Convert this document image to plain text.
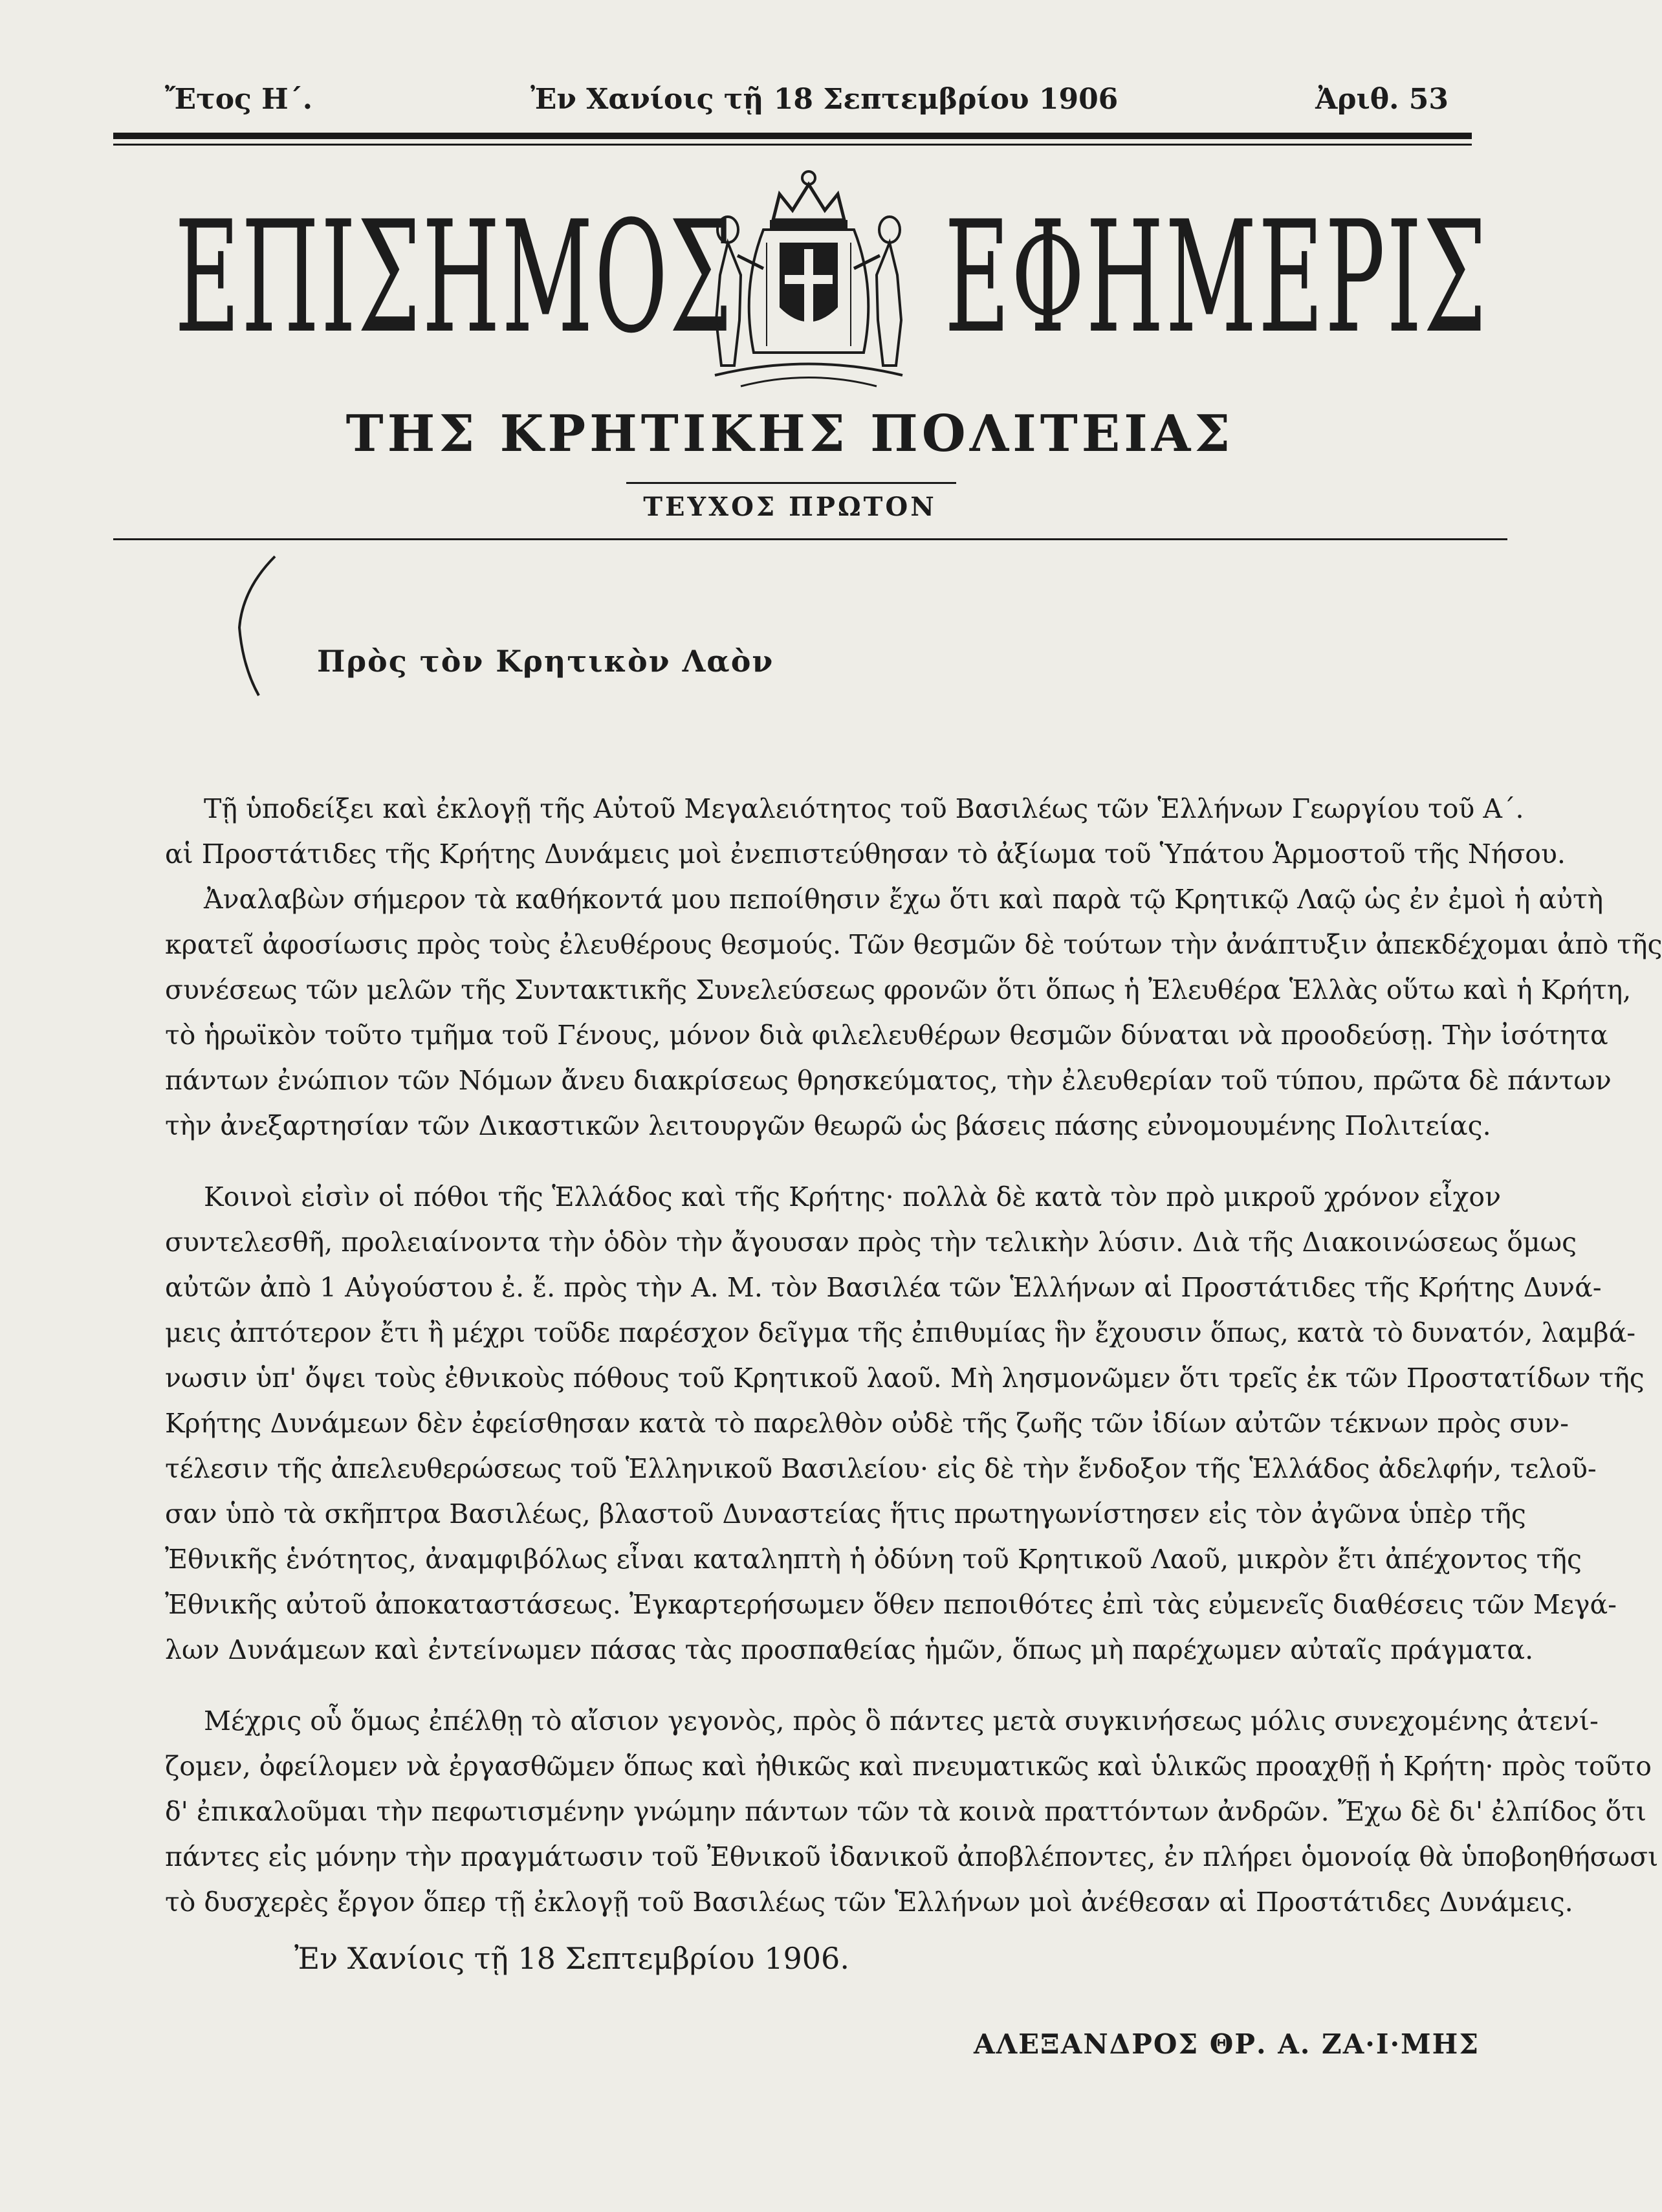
Ἔτος Η΄.	Ἐν Χανίοις τῇ 18 Σεπτεμβρίου 1906	Ἀριθ. 53
ΕΠΙΣΗΜΟΣ ΕΦΗΜΕΡΙΣ
ΤΗΣ ΚΡΗΤΙΚΗΣ ΠΟΛΙΤΕΙΑΣ
ΤΕΥΧΟΣ ΠΡΩΤΟΝ
Πρὸς τὸν Κρητικὸν Λαὸν

Τῇ ὑποδείξει καὶ ἐκλογῇ τῆς Αὐτοῦ Μεγαλειότητος τοῦ Βασιλέως τῶν Ἑλλήνων Γεωργίου τοῦ Α΄.

αἱ Προστάτιδες τῆς Κρήτης Δυνάμεις μοὶ ἐνεπιστεύθησαν τὸ ἀξίωμα τοῦ Ὑπάτου Ἁρμοστοῦ τῆς Νήσου.

Ἀναλαβὼν σήμερον τὰ καθήκοντά μου πεποίθησιν ἔχω ὅτι καὶ παρὰ τῷ Κρητικῷ Λαῷ ὡς ἐν ἐμοὶ ἡ αὐτὴ

κρατεῖ ἀφοσίωσις πρὸς τοὺς ἐλευθέρους θεσμούς. Τῶν θεσμῶν δὲ τούτων τὴν ἀνάπτυξιν ἀπεκδέχομαι ἀπὸ τῆς

συνέσεως τῶν μελῶν τῆς Συντακτικῆς Συνελεύσεως φρονῶν ὅτι ὅπως ἡ Ἐλευθέρα Ἑλλὰς οὕτω καὶ ἡ Κρήτη,

τὸ ἡρωϊκὸν τοῦτο τμῆμα τοῦ Γένους, μόνον διὰ φιλελευθέρων θεσμῶν δύναται νὰ προοδεύσῃ. Τὴν ἰσότητα

πάντων ἐνώπιον τῶν Νόμων ἄνευ διακρίσεως θρησκεύματος, τὴν ἐλευθερίαν τοῦ τύπου, πρῶτα δὲ πάντων

τὴν ἀνεξαρτησίαν τῶν Δικαστικῶν λειτουργῶν θεωρῶ ὡς βάσεις πάσης εὐνομουμένης Πολιτείας.

Κοινοὶ εἰσὶν οἱ πόθοι τῆς Ἑλλάδος καὶ τῆς Κρήτης· πολλὰ δὲ κατὰ τὸν πρὸ μικροῦ χρόνον εἶχον

συντελεσθῆ, προλειαίνοντα τὴν ὁδὸν τὴν ἄγουσαν πρὸς τὴν τελικὴν λύσιν. Διὰ τῆς Διακοινώσεως ὅμως

αὐτῶν ἀπὸ 1 Αὐγούστου ἐ. ἔ. πρὸς τὴν Α. Μ. τὸν Βασιλέα τῶν Ἑλλήνων αἱ Προστάτιδες τῆς Κρήτης Δυνά-

μεις ἀπτότερον ἔτι ἢ μέχρι τοῦδε παρέσχον δεῖγμα τῆς ἐπιθυμίας ἣν ἔχουσιν ὅπως, κατὰ τὸ δυνατόν, λαμβά-

νωσιν ὑπ' ὄψει τοὺς ἐθνικοὺς πόθους τοῦ Κρητικοῦ λαοῦ. Μὴ λησμονῶμεν ὅτι τρεῖς ἐκ τῶν Προστατίδων τῆς

Κρήτης Δυνάμεων δὲν ἐφείσθησαν κατὰ τὸ παρελθὸν οὐδὲ τῆς ζωῆς τῶν ἰδίων αὐτῶν τέκνων πρὸς συν-

τέλεσιν τῆς ἀπελευθερώσεως τοῦ Ἑλληνικοῦ Βασιλείου· εἰς δὲ τὴν ἔνδοξον τῆς Ἑλλάδος ἀδελφήν, τελοῦ-

σαν ὑπὸ τὰ σκῆπτρα Βασιλέως, βλαστοῦ Δυναστείας ἥτις πρωτηγωνίστησεν εἰς τὸν ἀγῶνα ὑπὲρ τῆς

Ἐθνικῆς ἑνότητος, ἀναμφιβόλως εἶναι καταληπτὴ ἡ ὀδύνη τοῦ Κρητικοῦ Λαοῦ, μικρὸν ἔτι ἀπέχοντος τῆς

Ἐθνικῆς αὐτοῦ ἀποκαταστάσεως. Ἐγκαρτερήσωμεν ὅθεν πεποιθότες ἐπὶ τὰς εὐμενεῖς διαθέσεις τῶν Μεγά-

λων Δυνάμεων καὶ ἐντείνωμεν πάσας τὰς προσπαθείας ἡμῶν, ὅπως μὴ παρέχωμεν αὐταῖς πράγματα.

Μέχρις οὗ ὅμως ἐπέλθῃ τὸ αἴσιον γεγονὸς, πρὸς ὃ πάντες μετὰ συγκινήσεως μόλις συνεχομένης ἀτενί-

ζομεν, ὀφείλομεν νὰ ἐργασθῶμεν ὅπως καὶ ἠθικῶς καὶ πνευματικῶς καὶ ὑλικῶς προαχθῇ ἡ Κρήτη· πρὸς τοῦτο

δ' ἐπικαλοῦμαι τὴν πεφωτισμένην γνώμην πάντων τῶν τὰ κοινὰ πραττόντων ἀνδρῶν. Ἔχω δὲ δι' ἐλπίδος ὅτι

πάντες εἰς μόνην τὴν πραγμάτωσιν τοῦ Ἐθνικοῦ ἰδανικοῦ ἀποβλέποντες, ἐν πλήρει ὁμονοίᾳ θὰ ὑποβοηθήσωσι

τὸ δυσχερὲς ἔργον ὅπερ τῇ ἐκλογῇ τοῦ Βασιλέως τῶν Ἑλλήνων μοὶ ἀνέθεσαν αἱ Προστάτιδες Δυνάμεις.

Ἐν Χανίοις τῇ 18 Σεπτεμβρίου 1906.
ΑΛΕΞΑΝΔΡΟΣ ΘΡ. Α. ΖΑ·Ι·ΜΗΣ
